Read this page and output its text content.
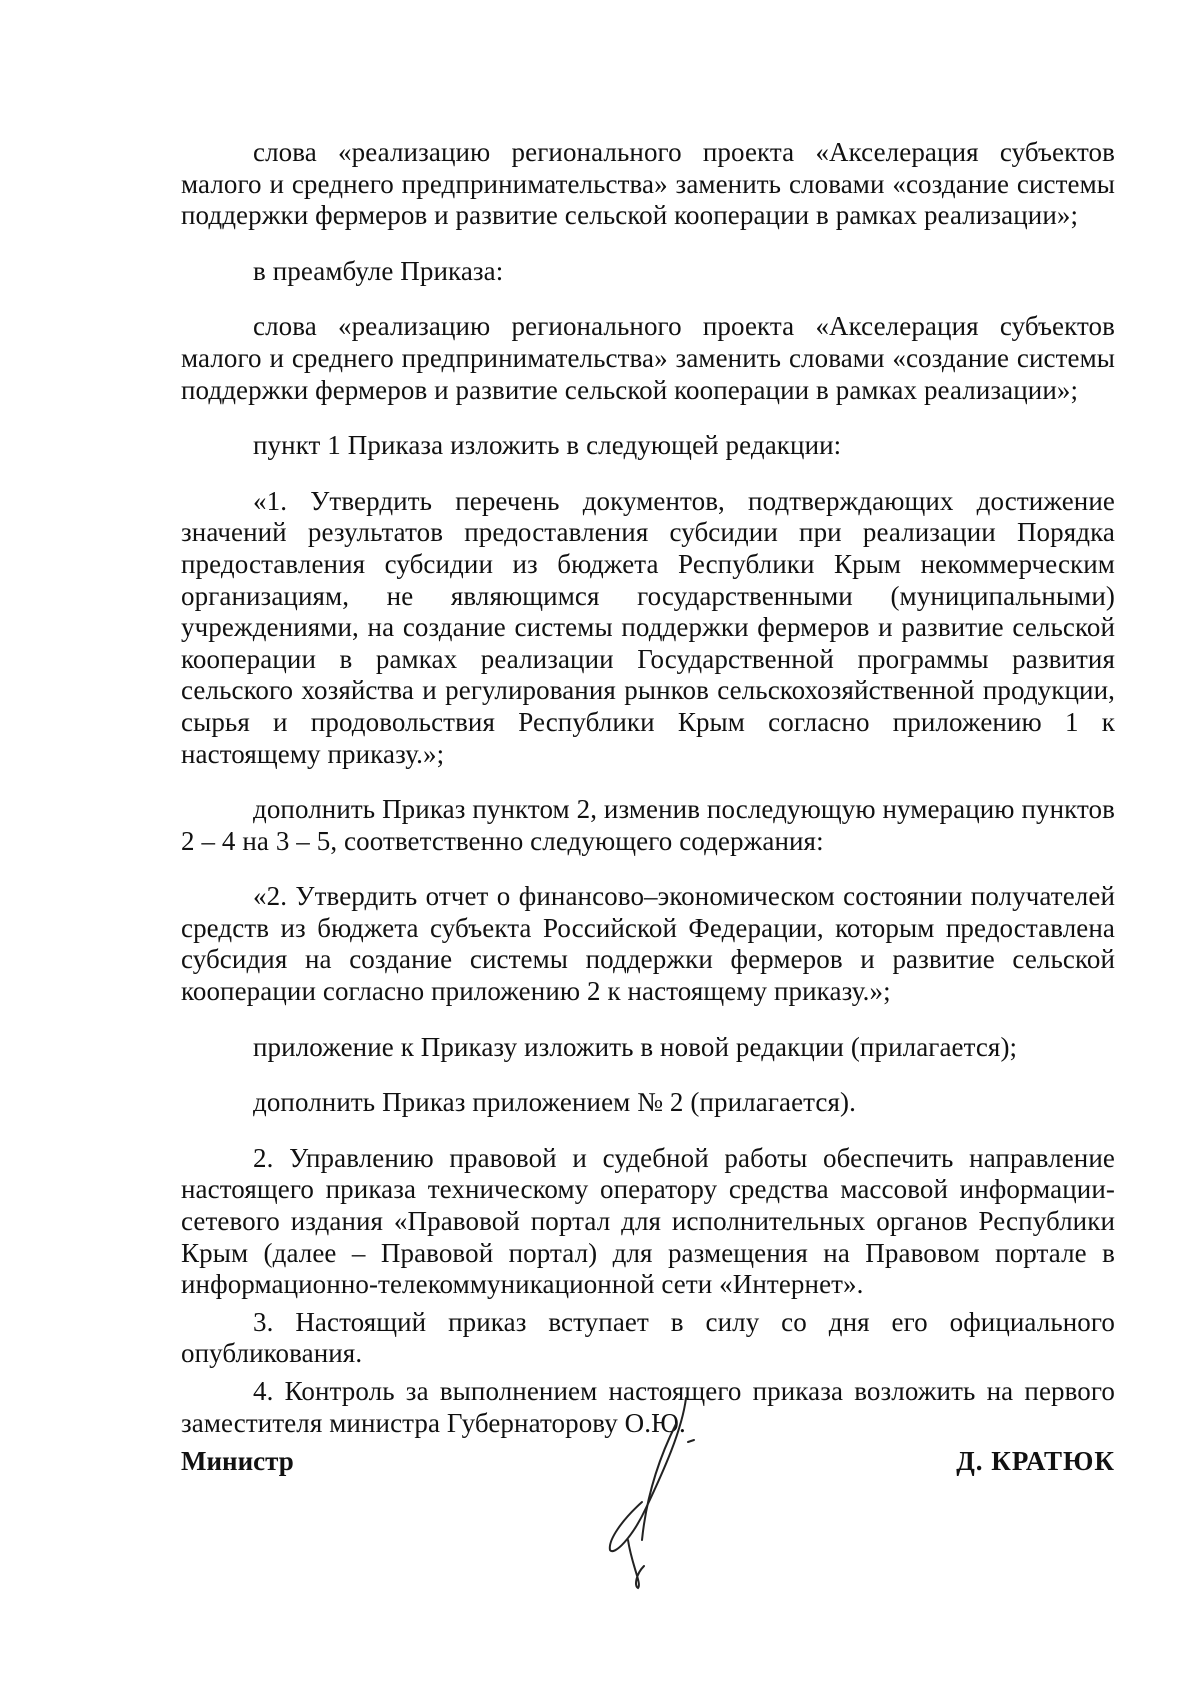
слова «реализацию регионального проекта «Акселерация субъектов малого и среднего предпринимательства» заменить словами «создание системы поддержки фермеров и развитие сельской кооперации в рамках реализации»;

в преамбуле Приказа:

слова «реализацию регионального проекта «Акселерация субъектов малого и среднего предпринимательства» заменить словами «создание системы поддержки фермеров и развитие сельской кооперации в рамках реализации»;

пункт 1 Приказа изложить в следующей редакции:

«1. Утвердить перечень документов, подтверждающих достижение значений результатов предоставления субсидии при реализации Порядка предоставления субсидии из бюджета Республики Крым некоммерческим организациям, не являющимся государственными (муниципальными) учреждениями, на создание системы поддержки фермеров и развитие сельской кооперации в рамках реализации Государственной программы развития сельского хозяйства и регулирования рынков сельскохозяйственной продукции, сырья и продовольствия Республики Крым согласно приложению 1 к настоящему приказу.»;

дополнить Приказ пунктом 2, изменив последующую нумерацию пунктов 2 – 4 на 3 – 5, соответственно следующего содержания:

«2. Утвердить отчет о финансово–экономическом состоянии получателей средств из бюджета субъекта Российской Федерации, которым предоставлена субсидия на создание системы поддержки фермеров и развитие сельской кооперации согласно приложению 2 к настоящему приказу.»;

приложение к Приказу изложить в новой редакции (прилагается);

дополнить Приказ приложением № 2 (прилагается).

2. Управлению правовой и судебной работы обеспечить направление настоящего приказа техническому оператору средства массовой информации-сетевого издания «Правовой портал для исполнительных органов Республики Крым (далее – Правовой портал) для размещения на Правовом портале в информационно-телекоммуникационной сети «Интернет».

3. Настоящий приказ вступает в силу со дня его официального опубликования.

4. Контроль за выполнением настоящего приказа возложить на первого заместителя министра Губернаторову О.Ю.

Министр	Д. КРАТЮК
